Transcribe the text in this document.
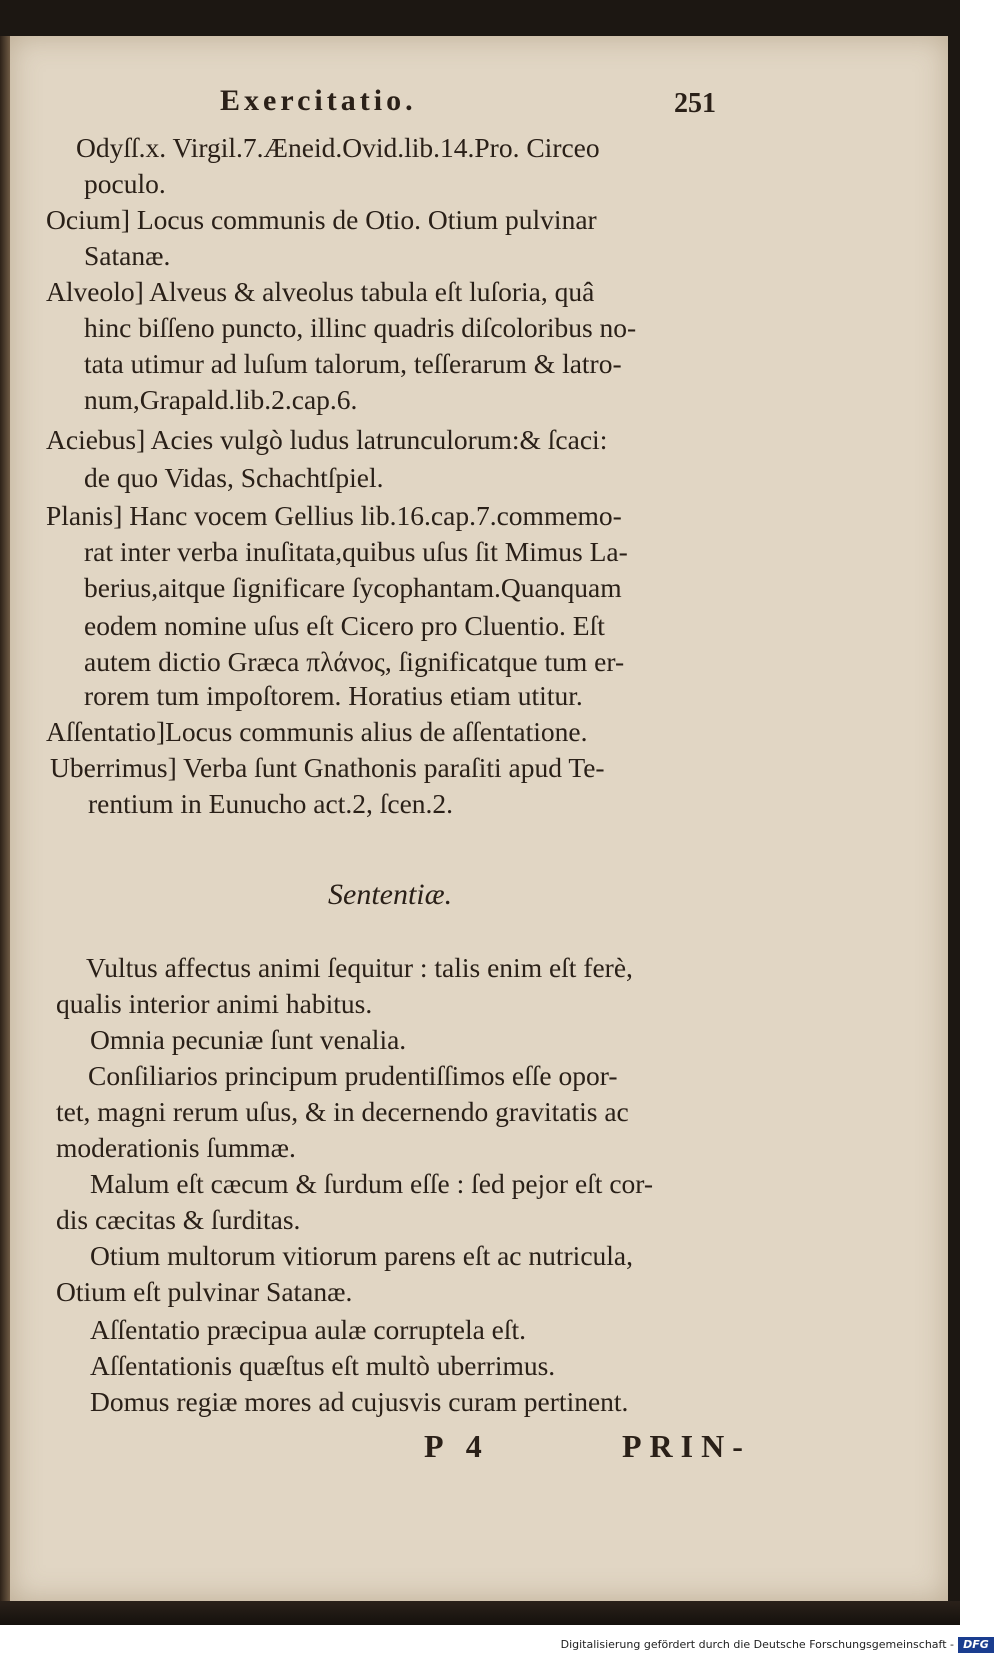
Exercitatio.	251
Odyſſ.x. Virgil.7.Æneid.Ovid.lib.14.Pro. Circeo
poculo.
Ocium] Locus communis de Otio. Otium pulvinar
Satanæ.
Alveolo] Alveus & alveolus tabula eſt luſoria, quâ
hinc biſſeno puncto, illinc quadris diſcoloribus no-
tata utimur ad luſum talorum, teſſerarum & latro-
num,Grapald.lib.2.cap.6.
Aciebus] Acies vulgò ludus latrunculorum:& ſcaci:
de quo Vidas, Schachtſpiel.
Planis] Hanc vocem Gellius lib.16.cap.7.commemo-
rat inter verba inuſitata,quibus uſus ſit Mimus La-
berius,aitque ſignificare ſycophantam.Quanquam
eodem nomine uſus eſt Cicero pro Cluentio. Eſt
autem dictio Græca πλάνος, ſignificatque tum er-
rorem tum impoſtorem. Horatius etiam utitur.
Aſſentatio]Locus communis alius de aſſentatione.
Uberrimus] Verba ſunt Gnathonis paraſiti apud Te-
rentium in Eunucho act.2, ſcen.2.
Sententiæ.
Vultus affectus animi ſequitur : talis enim eſt ferè,
qualis interior animi habitus.
Omnia pecuniæ ſunt venalia.
Conſiliarios principum prudentiſſimos eſſe opor-
tet, magni rerum uſus, & in decernendo gravitatis ac
moderationis ſummæ.
Malum eſt cæcum & ſurdum eſſe : ſed pejor eſt cor-
dis cæcitas & ſurditas.
Otium multorum vitiorum parens eſt ac nutricula,
Otium eſt pulvinar Satanæ.
Aſſentatio præcipua aulæ corruptela eſt.
Aſſentationis quæſtus eſt multò uberrimus.
Domus regiæ mores ad cujusvis curam pertinent.
P 4	PRIN-
Digitalisierung gefördert durch die Deutsche Forschungsgemeinschaft - DFG
